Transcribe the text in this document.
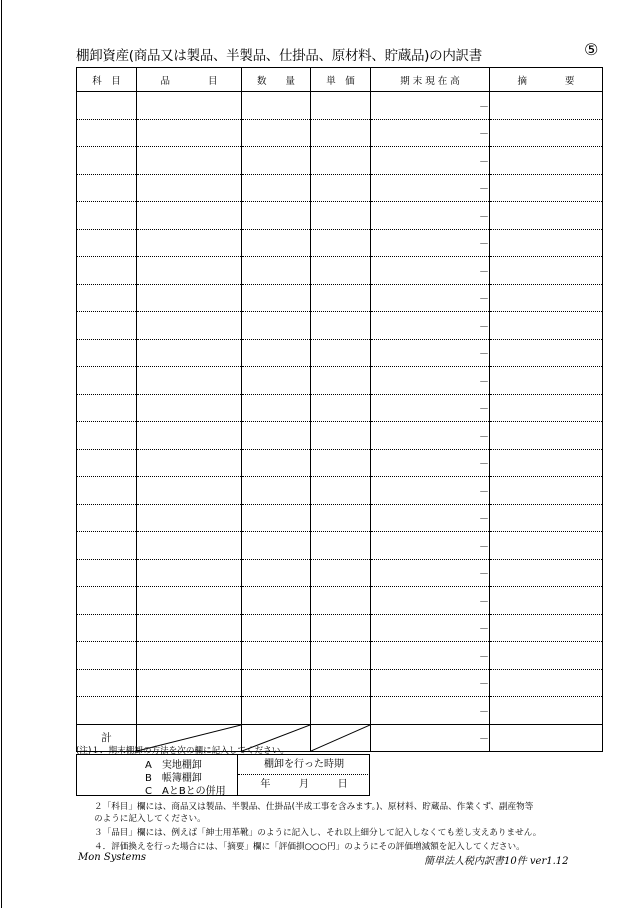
棚卸資産(商品又は製品、半製品、仕掛品、原材料、貯蔵品)の内訳書	⑤
科　目	品　　　　目	数　　量	単　価	期 末 現 在 高	摘　　　　要
				－	
				－	
				－	
				－	
				－	
				－	
				－	
				－	
				－	
				－	
				－	
				－	
				－	
				－	
				－	
				－	
				－	
				－	
				－	
				－	
				－	
				－	
				－	
計				－	
(注)１．期末棚卸の方法を次の欄に記入してください。
A　実地棚卸
B　帳簿棚卸
C　AとBとの併用
棚卸を行った時期
年	月	日
２「科目」欄には、商品又は製品、半製品、仕掛品(半成工事を含みます。)、原材料、貯蔵品、作業くず、副産物等
のように記入してください。
３「品目」欄には、例えば「紳士用革靴」のように記入し、それ以上細分して記入しなくても差し支えありません。
４．評価換えを行った場合には、「摘要」欄に「評価損○○○円」のようにその評価増減額を記入してください。
Mon Systems	簡単法人税内訳書10件 ver1.12
